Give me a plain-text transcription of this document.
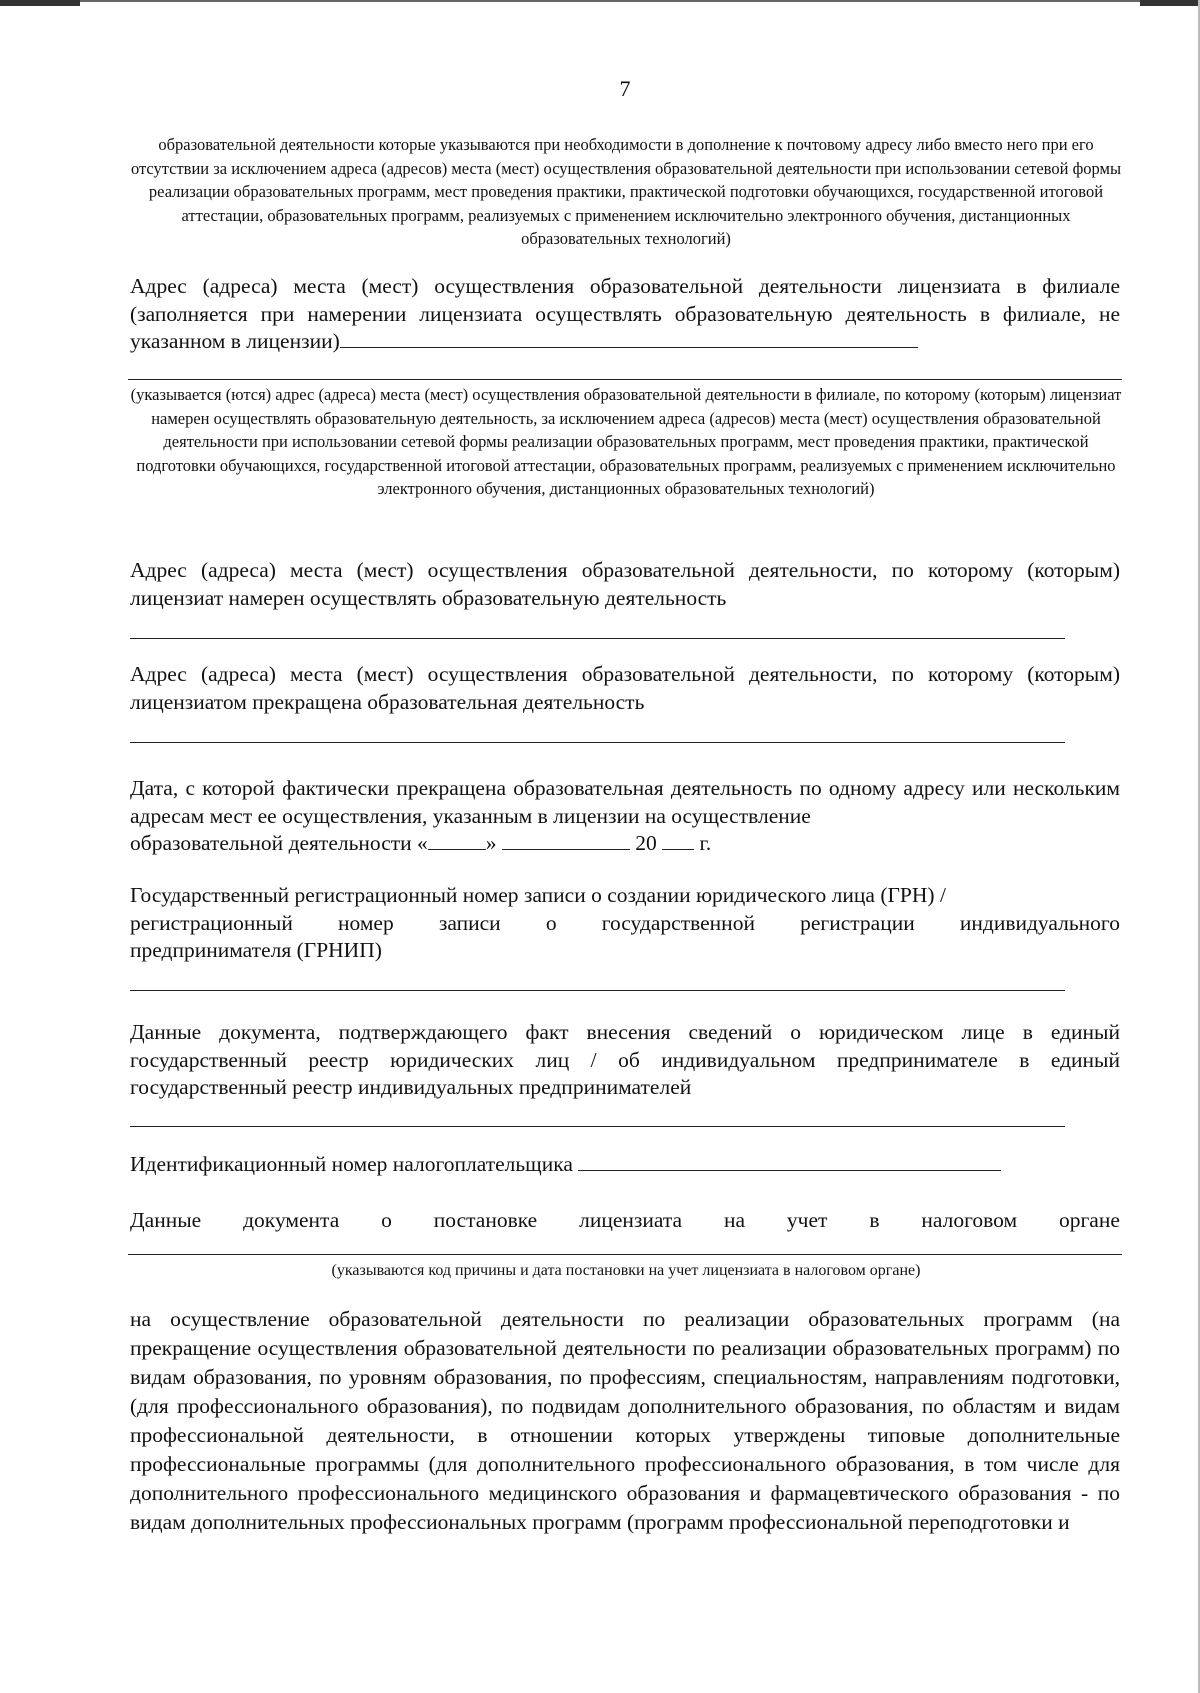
7
образовательной деятельности которые указываются при необходимости в дополнение к почтовому адресу либо вместо него при его отсутствии за исключением адреса (адресов) места (мест) осуществления образовательной деятельности при использовании сетевой формы реализации образовательных программ, мест проведения практики, практической подготовки обучающихся, государственной итоговой аттестации, образовательных программ, реализуемых с применением исключительно электронного обучения, дистанционных образовательных технологий)
Адрес (адреса) места (мест) осуществления образовательной деятельности лицензиата в филиале (заполняется при намерении лицензиата осуществлять образовательную деятельность в филиале, не указанном в лицензии)
(указывается (ются) адрес (адреса) места (мест) осуществления образовательной деятельности в филиале, по которому (которым) лицензиат намерен осуществлять образовательную деятельность, за исключением адреса (адресов) места (мест) осуществления образовательной деятельности при использовании сетевой формы реализации образовательных программ, мест проведения практики, практической подготовки обучающихся, государственной итоговой аттестации, образовательных программ, реализуемых с применением исключительно электронного обучения, дистанционных образовательных технологий)
Адрес (адреса) места (мест) осуществления образовательной деятельности, по которому (которым) лицензиат намерен осуществлять образовательную деятельность
Адрес (адреса) места (мест) осуществления образовательной деятельности, по которому (которым) лицензиатом прекращена образовательная деятельность
Дата, с которой фактически прекращена образовательная деятельность по одному адресу или нескольким адресам мест ее осуществления, указанным в лицензии на осуществление
образовательной деятельности «	»	20 г.
Государственный регистрационный номер записи о создании юридического лица (ГРН) /
регистрационный номер записи о государственной регистрации индивидуального
предпринимателя (ГРНИП)
Данные документа, подтверждающего факт внесения сведений о юридическом лице в единый государственный реестр юридических лиц / об индивидуальном предпринимателе в единый государственный реестр индивидуальных предпринимателей
Идентификационный номер налогоплательщика
Данные документа о постановке лицензиата на учет в налоговом органе
(указываются код причины и дата постановки на учет лицензиата в налоговом органе)
на осуществление образовательной деятельности по реализации образовательных программ (на прекращение осуществления образовательной деятельности по реализации образовательных программ) по видам образования, по уровням образования, по профессиям, специальностям, направлениям подготовки, (для профессионального образования), по подвидам дополнительного образования, по областям и видам профессиональной деятельности, в отношении которых утверждены типовые дополнительные профессиональные программы (для дополнительного профессионального образования, в том числе для дополнительного профессионального медицинского образования и фармацевтического образования - по видам дополнительных профессиональных программ (программ профессиональной переподготовки и
